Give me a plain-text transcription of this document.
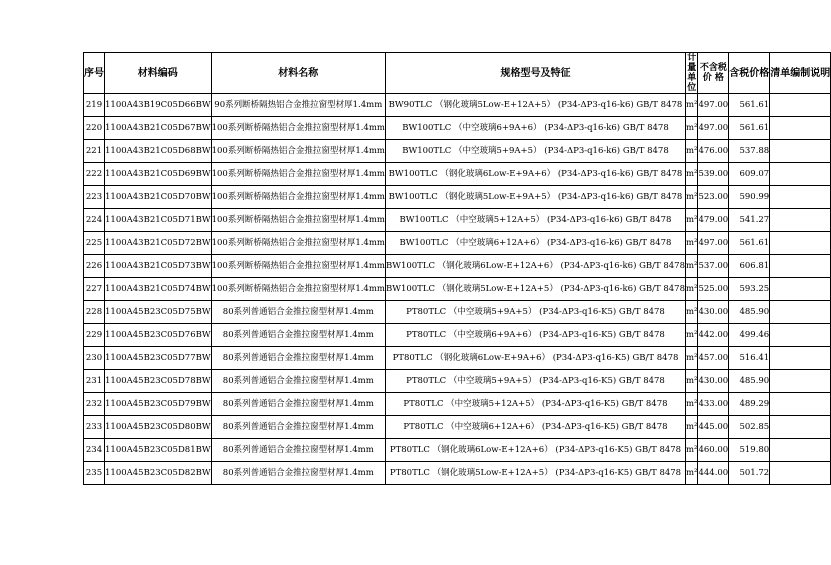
序号	材料编码	材料名称	规格型号及特征	计量单位	不含税价 格	含税价格	清单编制说明

219	1100A43B19C05D66BW	90系列断桥隔热铝合金推拉窗型材厚1.4mm	BW90TLC （钢化玻璃5Low-E+12A+5） (P34-ΔP3-q16-k6) GB/T 8478	m²	497.00	561.61	

220	1100A43B21C05D67BW	100系列断桥隔热铝合金推拉窗型材厚1.4mm	BW100TLC （中空玻璃6+9A+6） (P34-ΔP3-q16-k6) GB/T 8478	m²	497.00	561.61	

221	1100A43B21C05D68BW	100系列断桥隔热铝合金推拉窗型材厚1.4mm	BW100TLC （中空玻璃5+9A+5） (P34-ΔP3-q16-k6) GB/T 8478	m²	476.00	537.88	

222	1100A43B21C05D69BW	100系列断桥隔热铝合金推拉窗型材厚1.4mm	BW100TLC （钢化玻璃6Low-E+9A+6） (P34-ΔP3-q16-k6) GB/T 8478	m²	539.00	609.07	

223	1100A43B21C05D70BW	100系列断桥隔热铝合金推拉窗型材厚1.4mm	BW100TLC （钢化玻璃5Low-E+9A+5） (P34-ΔP3-q16-k6) GB/T 8478	m²	523.00	590.99	

224	1100A43B21C05D71BW	100系列断桥隔热铝合金推拉窗型材厚1.4mm	BW100TLC （中空玻璃5+12A+5） (P34-ΔP3-q16-k6) GB/T 8478	m²	479.00	541.27	

225	1100A43B21C05D72BW	100系列断桥隔热铝合金推拉窗型材厚1.4mm	BW100TLC （中空玻璃6+12A+6） (P34-ΔP3-q16-k6) GB/T 8478	m²	497.00	561.61	

226	1100A43B21C05D73BW	100系列断桥隔热铝合金推拉窗型材厚1.4mm	BW100TLC （钢化玻璃6Low-E+12A+6） (P34-ΔP3-q16-k6) GB/T 8478	m²	537.00	606.81	

227	1100A43B21C05D74BW	100系列断桥隔热铝合金推拉窗型材厚1.4mm	BW100TLC （钢化玻璃5Low-E+12A+5） (P34-ΔP3-q16-k6) GB/T 8478	m²	525.00	593.25	

228	1100A45B23C05D75BW	80系列普通铝合金推拉窗型材厚1.4mm	PT80TLC （中空玻璃5+9A+5） (P34-ΔP3-q16-K5) GB/T 8478	m²	430.00	485.90	

229	1100A45B23C05D76BW	80系列普通铝合金推拉窗型材厚1.4mm	PT80TLC （中空玻璃6+9A+6） (P34-ΔP3-q16-K5) GB/T 8478	m²	442.00	499.46	

230	1100A45B23C05D77BW	80系列普通铝合金推拉窗型材厚1.4mm	PT80TLC （钢化玻璃6Low-E+9A+6） (P34-ΔP3-q16-K5) GB/T 8478	m²	457.00	516.41	

231	1100A45B23C05D78BW	80系列普通铝合金推拉窗型材厚1.4mm	PT80TLC （中空玻璃5+9A+5） (P34-ΔP3-q16-K5) GB/T 8478	m²	430.00	485.90	

232	1100A45B23C05D79BW	80系列普通铝合金推拉窗型材厚1.4mm	PT80TLC （中空玻璃5+12A+5） (P34-ΔP3-q16-K5) GB/T 8478	m²	433.00	489.29	

233	1100A45B23C05D80BW	80系列普通铝合金推拉窗型材厚1.4mm	PT80TLC （中空玻璃6+12A+6） (P34-ΔP3-q16-K5) GB/T 8478	m²	445.00	502.85	

234	1100A45B23C05D81BW	80系列普通铝合金推拉窗型材厚1.4mm	PT80TLC （钢化玻璃6Low-E+12A+6） (P34-ΔP3-q16-K5) GB/T 8478	m²	460.00	519.80	

235	1100A45B23C05D82BW	80系列普通铝合金推拉窗型材厚1.4mm	PT80TLC （钢化玻璃5Low-E+12A+5） (P34-ΔP3-q16-K5) GB/T 8478	m²	444.00	501.72	
